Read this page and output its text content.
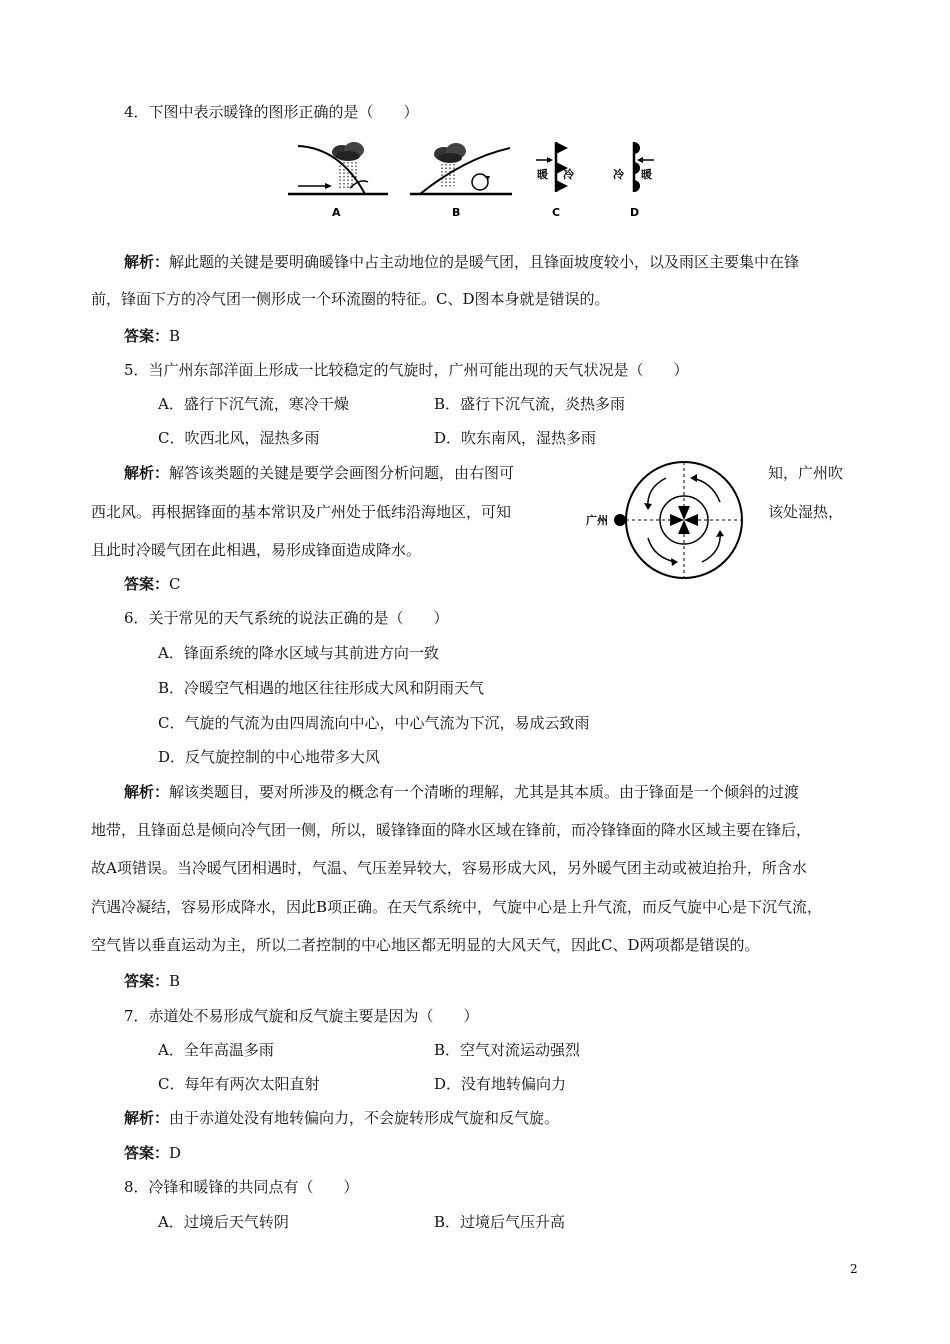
4．下图中表示暖锋的图形正确的是（　　）
A	B
暖 冷
C
冷 暖
D
解析：解此题的关键是要明确暖锋中占主动地位的是暖气团，且锋面坡度较小，以及雨区主要集中在锋
前，锋面下方的冷气团一侧形成一个环流圈的特征。C、D图本身就是错误的。
答案：B
5．当广州东部洋面上形成一比较稳定的气旋时，广州可能出现的天气状况是（　　）
A．盛行下沉气流，寒冷干燥	B．盛行下沉气流，炎热多雨
C．吹西北风，湿热多雨	D．吹东南风，湿热多雨
解析：解答该类题的关键是要学会画图分析问题，由右图可	知，广州吹
西北风。再根据锋面的基本常识及广州处于低纬沿海地区，可知	该处湿热，
且此时冷暖气团在此相遇，易形成锋面造成降水。
答案：C
广州
6．关于常见的天气系统的说法正确的是（　　）
A．锋面系统的降水区域与其前进方向一致
B．冷暖空气相遇的地区往往形成大风和阴雨天气
C．气旋的气流为由四周流向中心，中心气流为下沉，易成云致雨
D．反气旋控制的中心地带多大风
解析：解该类题目，要对所涉及的概念有一个清晰的理解，尤其是其本质。由于锋面是一个倾斜的过渡
地带，且锋面总是倾向冷气团一侧，所以，暖锋锋面的降水区域在锋前，而冷锋锋面的降水区域主要在锋后，
故A项错误。当冷暖气团相遇时，气温、气压差异较大，容易形成大风，另外暖气团主动或被迫抬升，所含水
汽遇冷凝结，容易形成降水，因此B项正确。在天气系统中，气旋中心是上升气流，而反气旋中心是下沉气流，
空气皆以垂直运动为主，所以二者控制的中心地区都无明显的大风天气，因此C、D两项都是错误的。
答案：B
7．赤道处不易形成气旋和反气旋主要是因为（　　）
A．全年高温多雨	B．空气对流运动强烈
C．每年有两次太阳直射	D．没有地转偏向力
解析：由于赤道处没有地转偏向力，不会旋转形成气旋和反气旋。
答案：D
8．冷锋和暖锋的共同点有（　　）
A．过境后天气转阴	B．过境后气压升高
2
